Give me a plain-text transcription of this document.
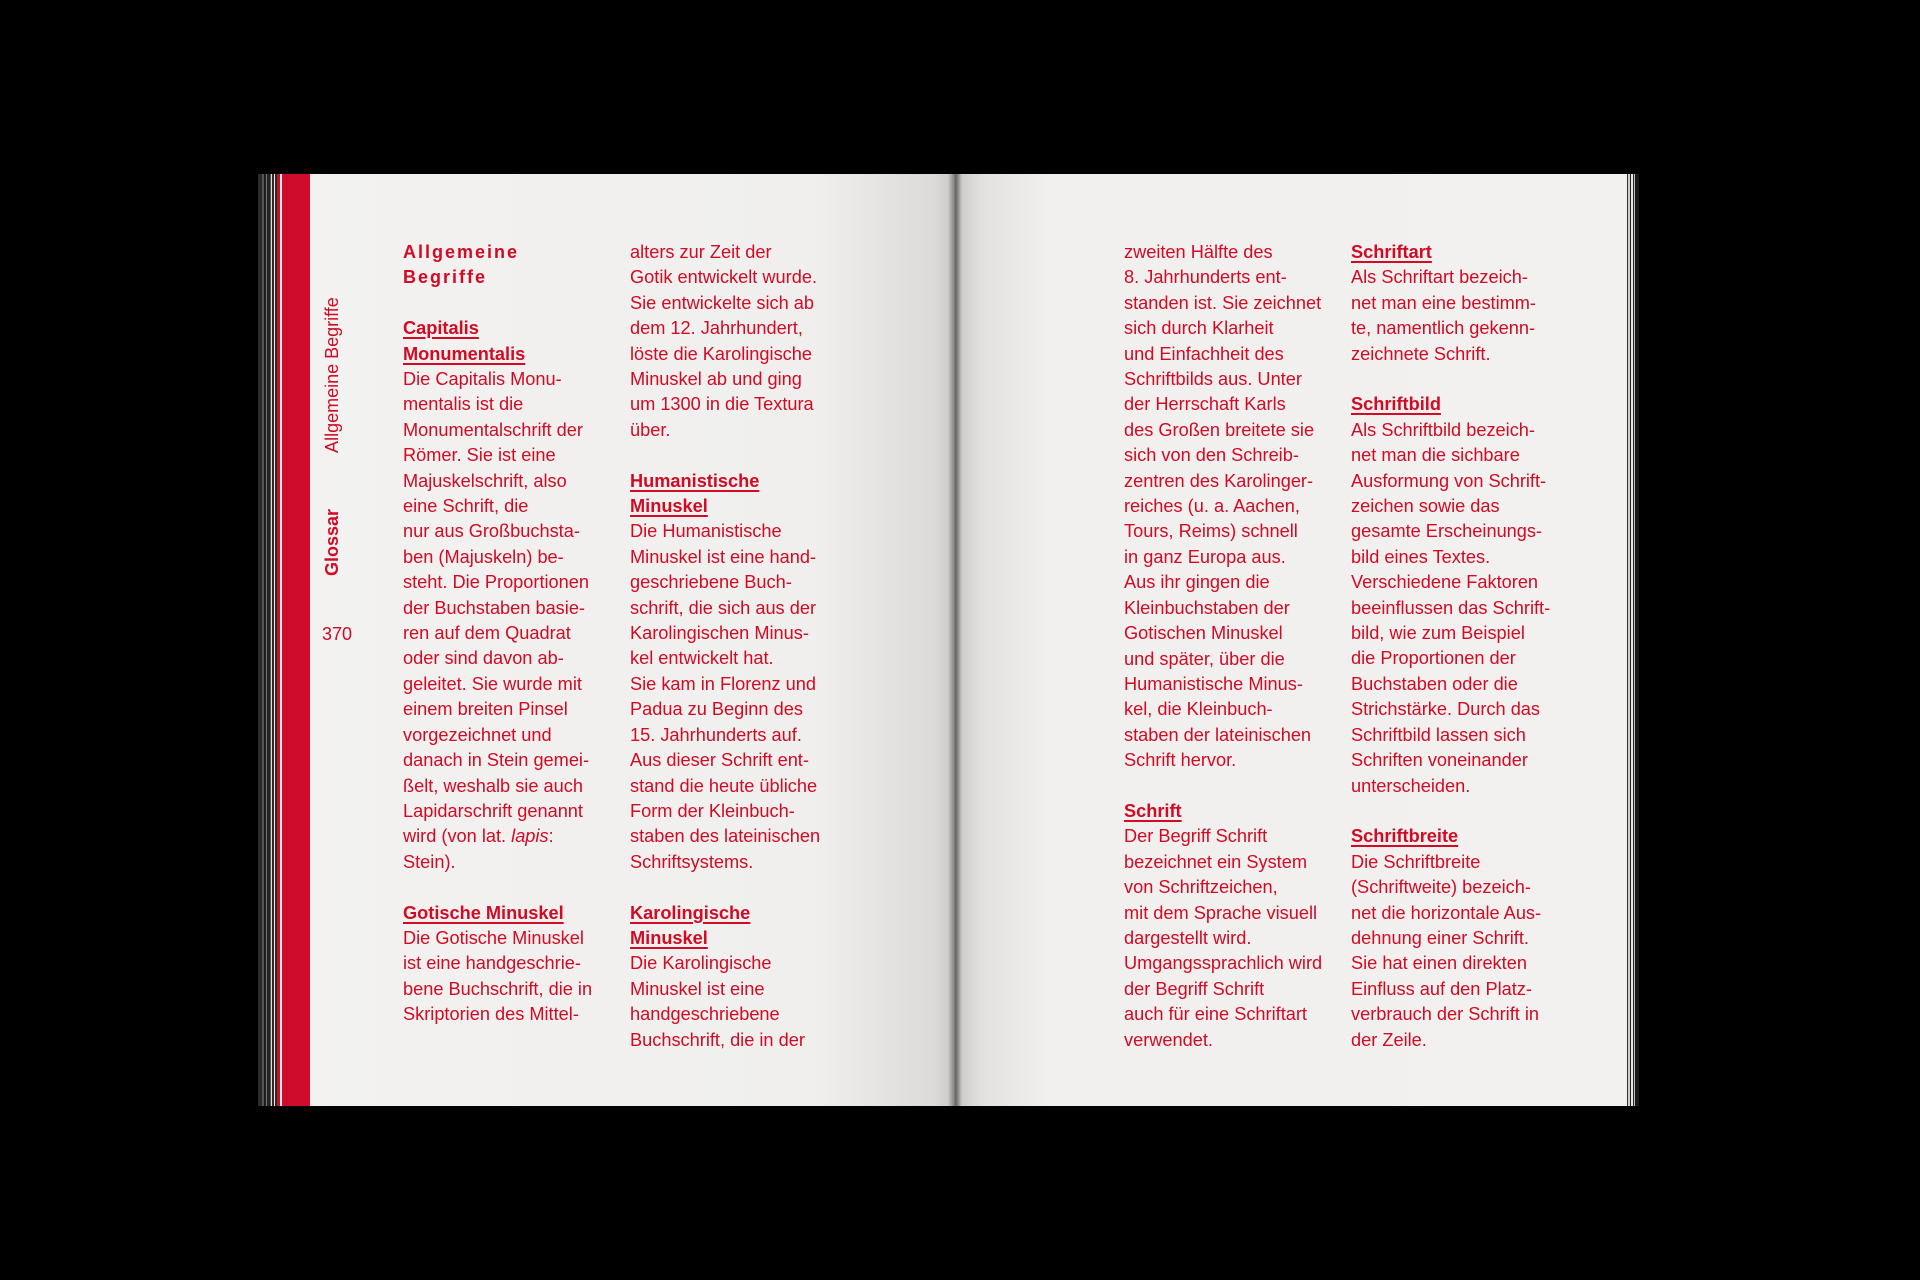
Glossar Allgemeine Begriffe
370
Allgemeine
Begriffe
Capitalis
Monumentalis
Die Capitalis Monu-
mentalis ist die
Monumentalschrift der
Römer. Sie ist eine
Majuskelschrift, also
eine Schrift, die
nur aus Großbuchsta-
ben (Majuskeln) be-
steht. Die Proportionen
der Buchstaben basie-
ren auf dem Quadrat
oder sind davon ab-
geleitet. Sie wurde mit
einem breiten Pinsel
vorgezeichnet und
danach in Stein gemei-
ßelt, weshalb sie auch
Lapidarschrift genannt
wird (von lat. lapis:
Stein).
Gotische Minuskel
Die Gotische Minuskel
ist eine handgeschrie-
bene Buchschrift, die in
Skriptorien des Mittel-
alters zur Zeit der
Gotik entwickelt wurde.
Sie entwickelte sich ab
dem 12. Jahrhundert,
löste die Karolingische
Minuskel ab und ging
um 1300 in die Textura
über.
Humanistische
Minuskel
Die Humanistische
Minuskel ist eine hand-
geschriebene Buch-
schrift, die sich aus der
Karolingischen Minus-
kel entwickelt hat.
Sie kam in Florenz und
Padua zu Beginn des
15. Jahrhunderts auf.
Aus dieser Schrift ent-
stand die heute übliche
Form der Kleinbuch-
staben des lateinischen
Schriftsystems.
Karolingische
Minuskel
Die Karolingische
Minuskel ist eine
handgeschriebene
Buchschrift, die in der
zweiten Hälfte des
8. Jahrhunderts ent-
standen ist. Sie zeichnet
sich durch Klarheit
und Einfachheit des
Schriftbilds aus. Unter
der Herrschaft Karls
des Großen breitete sie
sich von den Schreib-
zentren des Karolinger-
reiches (u. a. Aachen,
Tours, Reims) schnell
in ganz Europa aus.
Aus ihr gingen die
Kleinbuchstaben der
Gotischen Minuskel
und später, über die
Humanistische Minus-
kel, die Kleinbuch-
staben der lateinischen
Schrift hervor.
Schrift
Der Begriff Schrift
bezeichnet ein System
von Schriftzeichen,
mit dem Sprache visuell
dargestellt wird.
Umgangssprachlich wird
der Begriff Schrift
auch für eine Schriftart
verwendet.
Schriftart
Als Schriftart bezeich-
net man eine bestimm-
te, namentlich gekenn-
zeichnete Schrift.
Schriftbild
Als Schriftbild bezeich-
net man die sichbare
Ausformung von Schrift-
zeichen sowie das
gesamte Erscheinungs-
bild eines Textes.
Verschiedene Faktoren
beeinflussen das Schrift-
bild, wie zum Beispiel
die Proportionen der
Buchstaben oder die
Strichstärke. Durch das
Schriftbild lassen sich
Schriften voneinander
unterscheiden.
Schriftbreite
Die Schriftbreite
(Schriftweite) bezeich-
net die horizontale Aus-
dehnung einer Schrift.
Sie hat einen direkten
Einfluss auf den Platz-
verbrauch der Schrift in
der Zeile.
